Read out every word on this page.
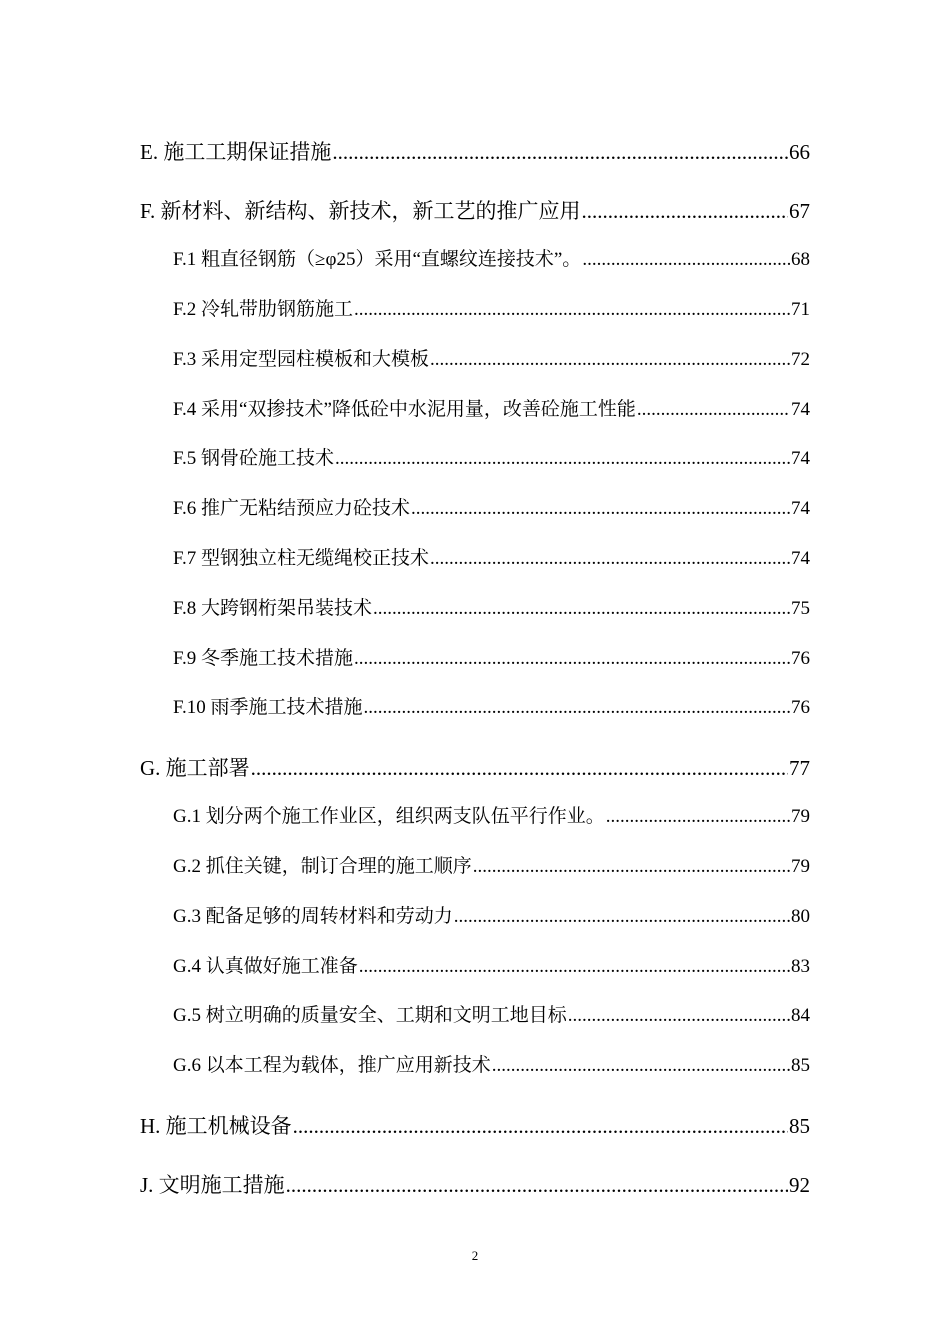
E. 施工工期保证措施 .....	66
F. 新材料、新结构、新技术，新工艺的推广应用 .....	67
F.1 粗直径钢筋（≥φ25）采用“直螺纹连接技术”。 .....	68
F.2 冷轧带肋钢筋施工 .....	71
F.3 采用定型园柱模板和大模板 .....	72
F.4 采用“双掺技术”降低砼中水泥用量，改善砼施工性能 .....	74
F.5 钢骨砼施工技术 .....	74
F.6 推广无粘结预应力砼技术 .....	74
F.7 型钢独立柱无缆绳校正技术 .....	74
F.8 大跨钢桁架吊装技术 .....	75
F.9 冬季施工技术措施 .....	76
F.10 雨季施工技术措施 .....	76
G. 施工部署 .....	77
G.1 划分两个施工作业区，组织两支队伍平行作业。 .....	79
G.2 抓住关键，制订合理的施工顺序 .....	79
G.3 配备足够的周转材料和劳动力 .....	80
G.4 认真做好施工准备 .....	83
G.5 树立明确的质量安全、工期和文明工地目标 .....	84
G.6 以本工程为载体，推广应用新技术 .....	85
H. 施工机械设备 .....	85
J. 文明施工措施 .....	92
2
